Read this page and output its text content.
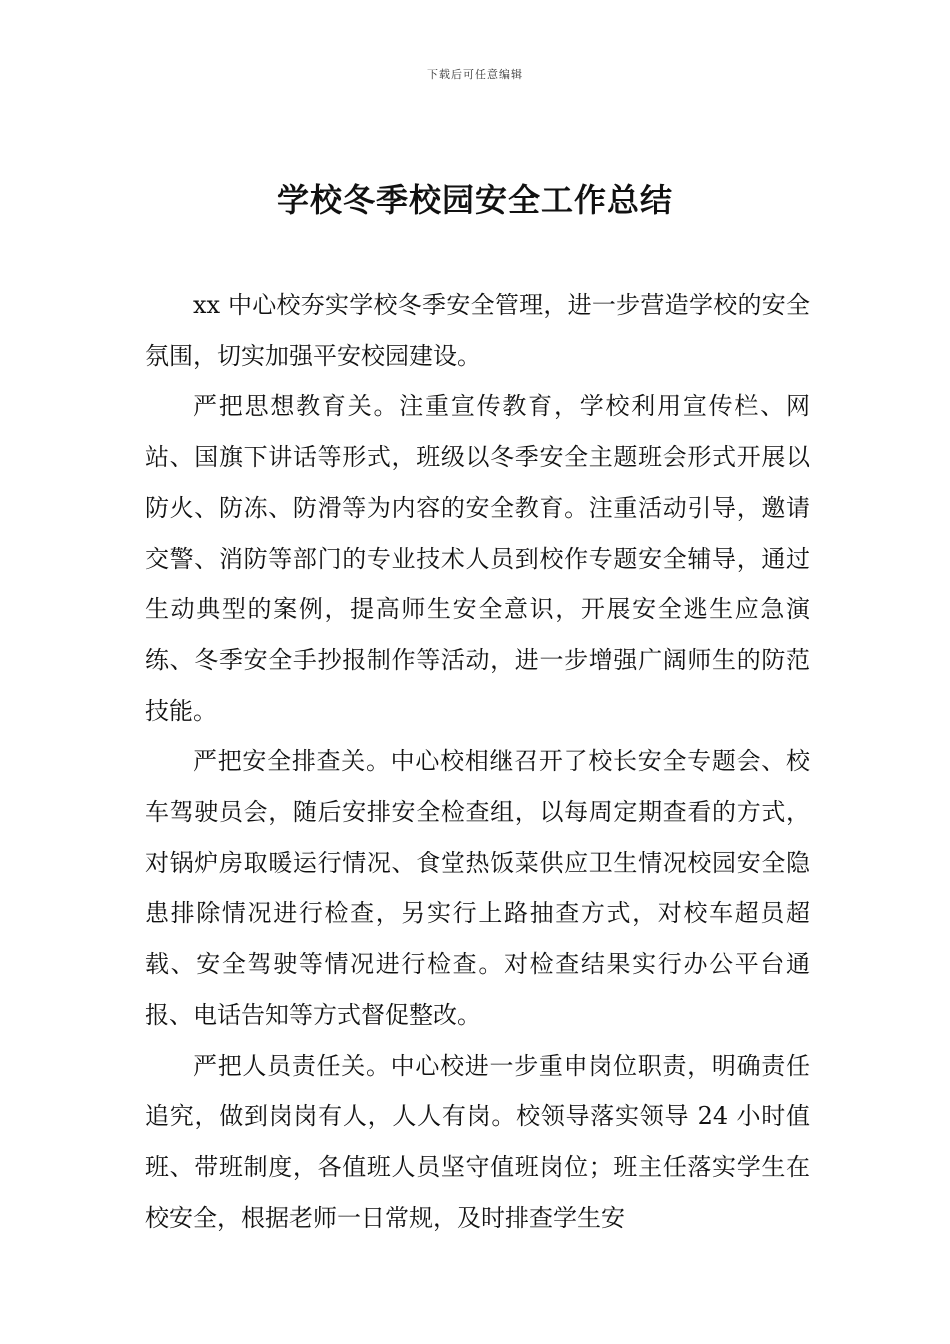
下载后可任意编辑
学校冬季校园安全工作总结

xx 中心校夯实学校冬季安全管理，进一步营造学校的安全氛围，切实加强平安校园建设。

严把思想教育关。注重宣传教育，学校利用宣传栏、网站、国旗下讲话等形式，班级以冬季安全主题班会形式开展以防火、防冻、防滑等为内容的安全教育。注重活动引导，邀请交警、消防等部门的专业技术人员到校作专题安全辅导，通过生动典型的案例，提高师生安全意识，开展安全逃生应急演练、冬季安全手抄报制作等活动，进一步增强广阔师生的防范技能。

严把安全排查关。中心校相继召开了校长安全专题会、校车驾驶员会，随后安排安全检查组，以每周定期查看的方式，对锅炉房取暖运行情况、食堂热饭菜供应卫生情况校园安全隐患排除情况进行检查，另实行上路抽查方式，对校车超员超载、安全驾驶等情况进行检查。对检查结果实行办公平台通报、电话告知等方式督促整改。

严把人员责任关。中心校进一步重申岗位职责，明确责任追究，做到岗岗有人，人人有岗。校领导落实领导 24 小时值班、带班制度，各值班人员坚守值班岗位；班主任落实学生在校安全，根据老师一日常规，及时排查学生安
